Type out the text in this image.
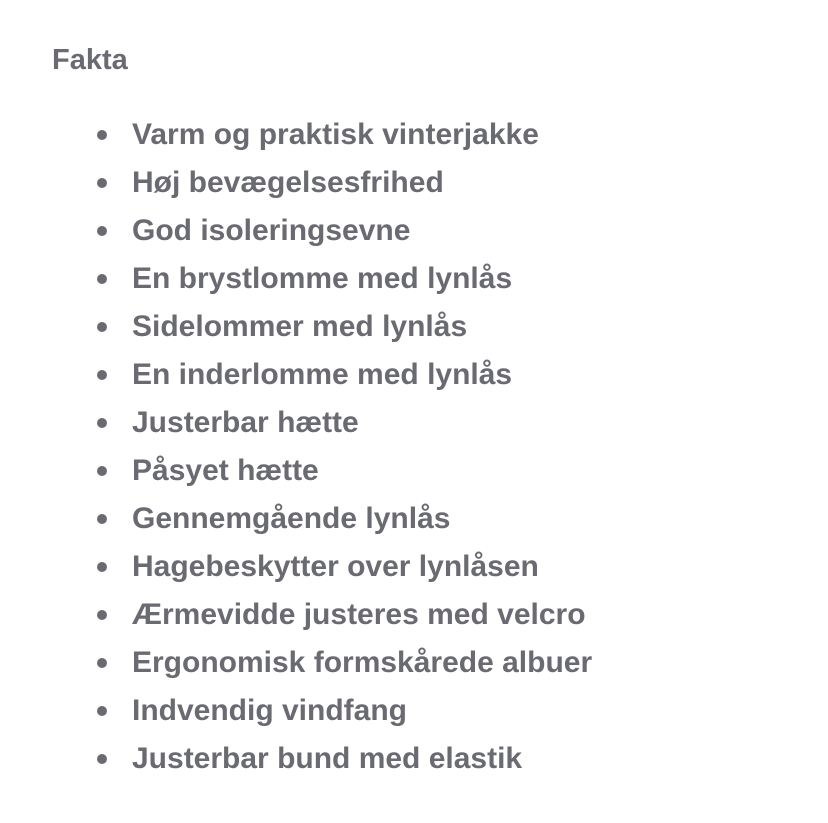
Fakta
Varm og praktisk vinterjakke
Høj bevægelsesfrihed
God isoleringsevne
En brystlomme med lynlås
Sidelommer med lynlås
En inderlomme med lynlås
Justerbar hætte
Påsyet hætte
Gennemgående lynlås
Hagebeskytter over lynlåsen
Ærmevidde justeres med velcro
Ergonomisk formskårede albuer
Indvendig vindfang
Justerbar bund med elastik
